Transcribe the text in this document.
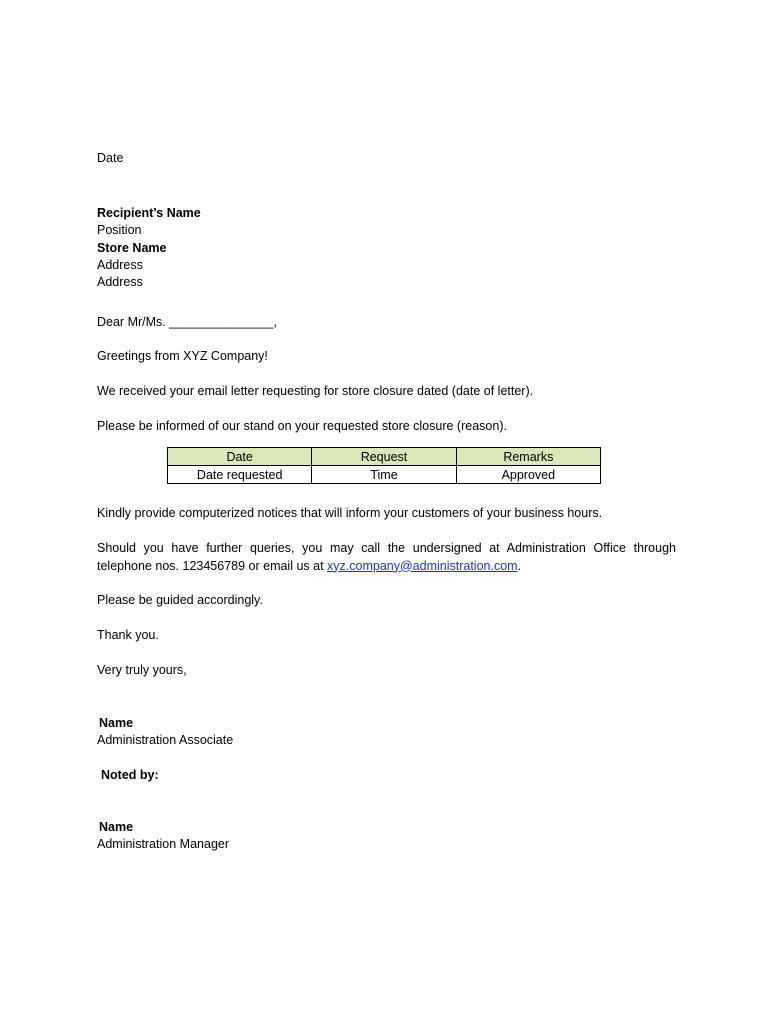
Date
Recipient’s Name
Position
Store Name
Address
Address
Dear Mr/Ms. _______________,
Greetings from XYZ Company!
We received your email letter requesting for store closure dated (date of letter).
Please be informed of our stand on your requested store closure (reason).
Date	Request	Remarks
Date requested	Time	Approved
Kindly provide computerized notices that will inform your customers of your business hours.
Should you have further queries, you may call the undersigned at Administration Office through telephone nos. 123456789 or email us at xyz.company@administration.com.
Please be guided accordingly.
Thank you.
Very truly yours,
Name
Administration Associate
Noted by:
Name
Administration Manager
